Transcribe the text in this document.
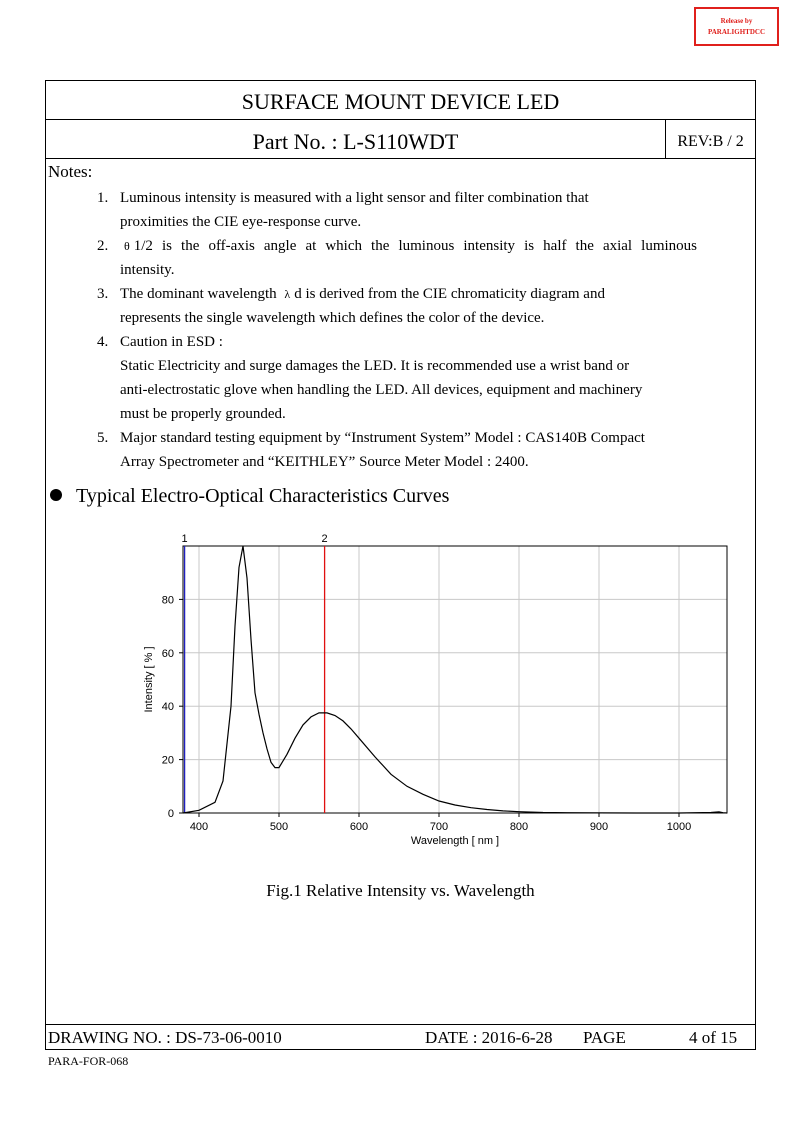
Release by
PARALIGHTDCC
SURFACE MOUNT DEVICE LED
Part No. : L-S110WDT	REV:B / 2
Notes:
1. Luminous intensity is measured with a light sensor and filter combination that
proximities the CIE eye-response curve.
2.	θ 1/2 is the off-axis angle at which the luminous intensity is half the axial luminous
intensity.
3. The dominant wavelength λ d is derived from the CIE chromaticity diagram and
represents the single wavelength which defines the color of the device.
4. Caution in ESD :
Static Electricity and surge damages the LED. It is recommended use a wrist band or
anti-electrostatic glove when handling the LED. All devices, equipment and machinery
must be properly grounded.
5. Major standard testing equipment by “Instrument System” Model : CAS140B Compact
Array Spectrometer and “KEITHLEY” Source Meter Model : 2400.
Typical Electro-Optical Characteristics Curves
1	2
400	500	600	700	800	900	1000
0
20
40
60
80
Wavelength [ nm ]
Intensity [ % ]
Fig.1 Relative Intensity vs. Wavelength
DRAWING NO. : DS-73-06-0010	DATE : 2016-6-28 PAGE	4 of 15
PARA-FOR-068
